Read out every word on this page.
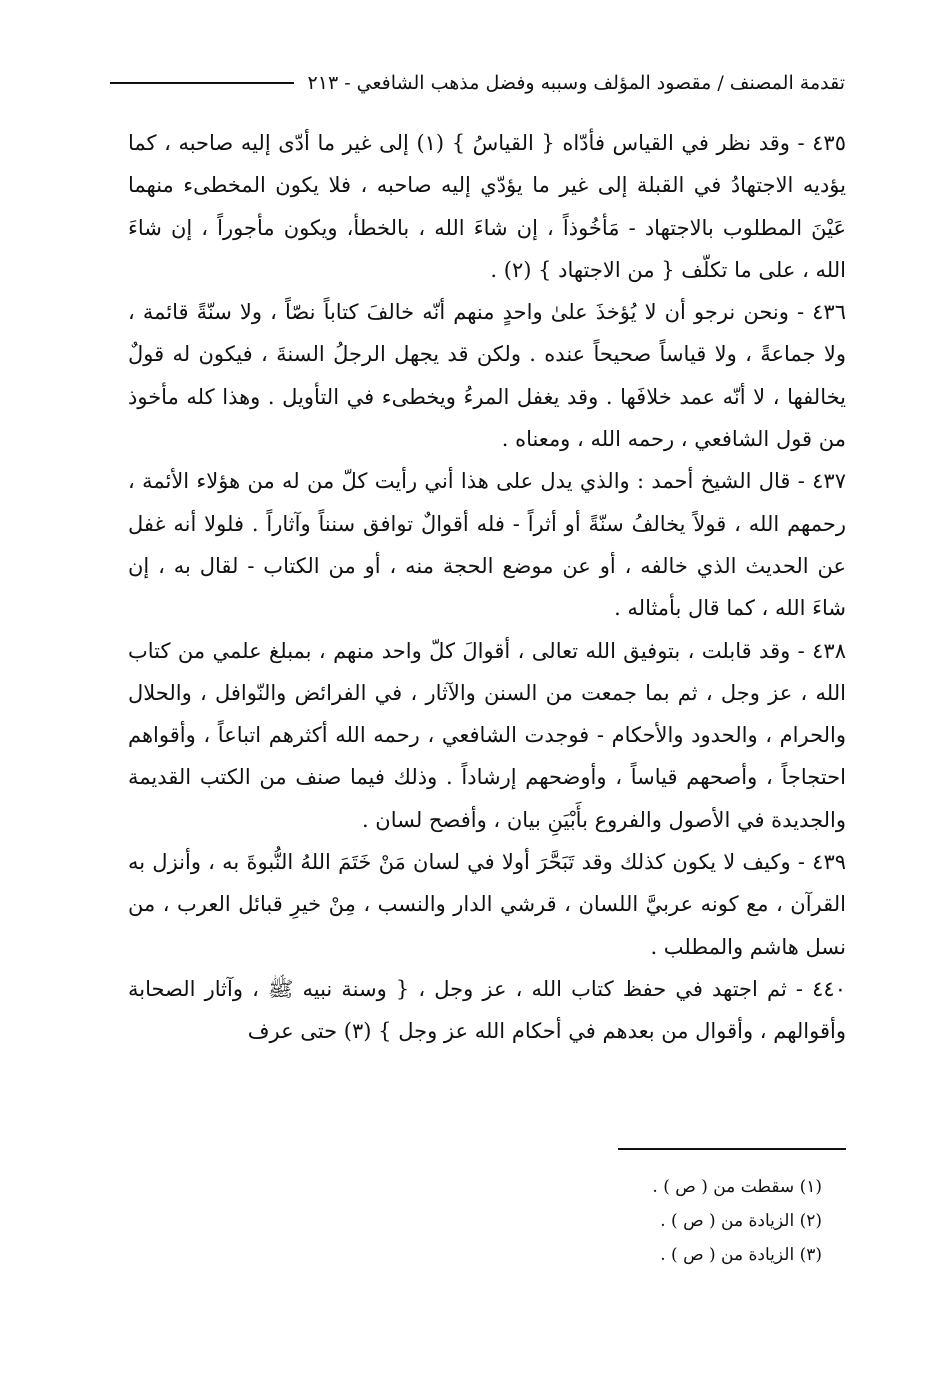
تقدمة المصنف / مقصود المؤلف وسببه وفضل مذهب الشافعي - ٢١٣

٤٣٥ - وقد نظر في القياس فأدّاه { القياسُ } (١) إلى غير ما أدّى إليه صاحبه ، كما يؤديه الاجتهادُ في القبلة إلى غير ما يؤدّي إليه صاحبه ، فلا يكون المخطىء منهما عَيْنَ المطلوب بالاجتهاد - مَأخُوذاً ، إن شاءَ الله ، بالخطأ، ويكون مأجوراً ، إن شاءَ الله ، على ما تكلّف { من الاجتهاد } (٢) .

٤٣٦ - ونحن نرجو أن لا يُؤخذَ علىٰ واحدٍ منهم أنّه خالفَ كتاباً نصّاً ، ولا سنّةً قائمة ، ولا جماعةً ، ولا قياساً صحيحاً عنده . ولكن قد يجهل الرجلُ السنةَ ، فيكون له قولٌ يخالفها ، لا أنّه عمد خلافَها . وقد يغفل المرءُ ويخطىء في التأويل . وهذا كله مأخوذ من قول الشافعي ، رحمه الله ، ومعناه .

٤٣٧ - قال الشيخ أحمد : والذي يدل على هذا أني رأيت كلّ من له من هؤلاء الأئمة ، رحمهم الله ، قولاً يخالفُ سنّةً أو أثراً - فله أقوالٌ توافق سنناً وآثاراً . فلولا أنه غفل عن الحديث الذي خالفه ، أو عن موضع الحجة منه ، أو من الكتاب - لقال به ، إن شاءَ الله ، كما قال بأمثاله .

٤٣٨ - وقد قابلت ، بتوفيق الله تعالى ، أقوالَ كلّ واحد منهم ، بمبلغ علمي من كتاب الله ، عز وجل ، ثم بما جمعت من السنن والآثار ، في الفرائض والنّوافل ، والحلال والحرام ، والحدود والأحكام - فوجدت الشافعي ، رحمه الله أكثرهم اتباعاً ، وأقواهم احتجاجاً ، وأصحهم قياساً ، وأوضحهم إرشاداً . وذلك فيما صنف من الكتب القديمة والجديدة في الأصول والفروع بأَبْيَنِ بيان ، وأفصح لسان .

٤٣٩ - وكيف لا يكون كذلك وقد تَبَحَّرَ أولا في لسان مَنْ خَتَمَ اللهُ النُّبوةَ به ، وأنزل به القرآن ، مع كونه عربيَّ اللسان ، قرشي الدار والنسب ، مِنْ خيرِ قبائل العرب ، من نسل هاشم والمطلب .

٤٤٠ - ثم اجتهد في حفظ كتاب الله ، عز وجل ، { وسنة نبيه ﷺ ، وآثار الصحابة وأقوالهم ، وأقوال من بعدهم في أحكام الله عز وجل } (٣) حتى عرف

(١) سقطت من ( ص ) .
(٢) الزيادة من ( ص ) .
(٣) الزيادة من ( ص ) .
